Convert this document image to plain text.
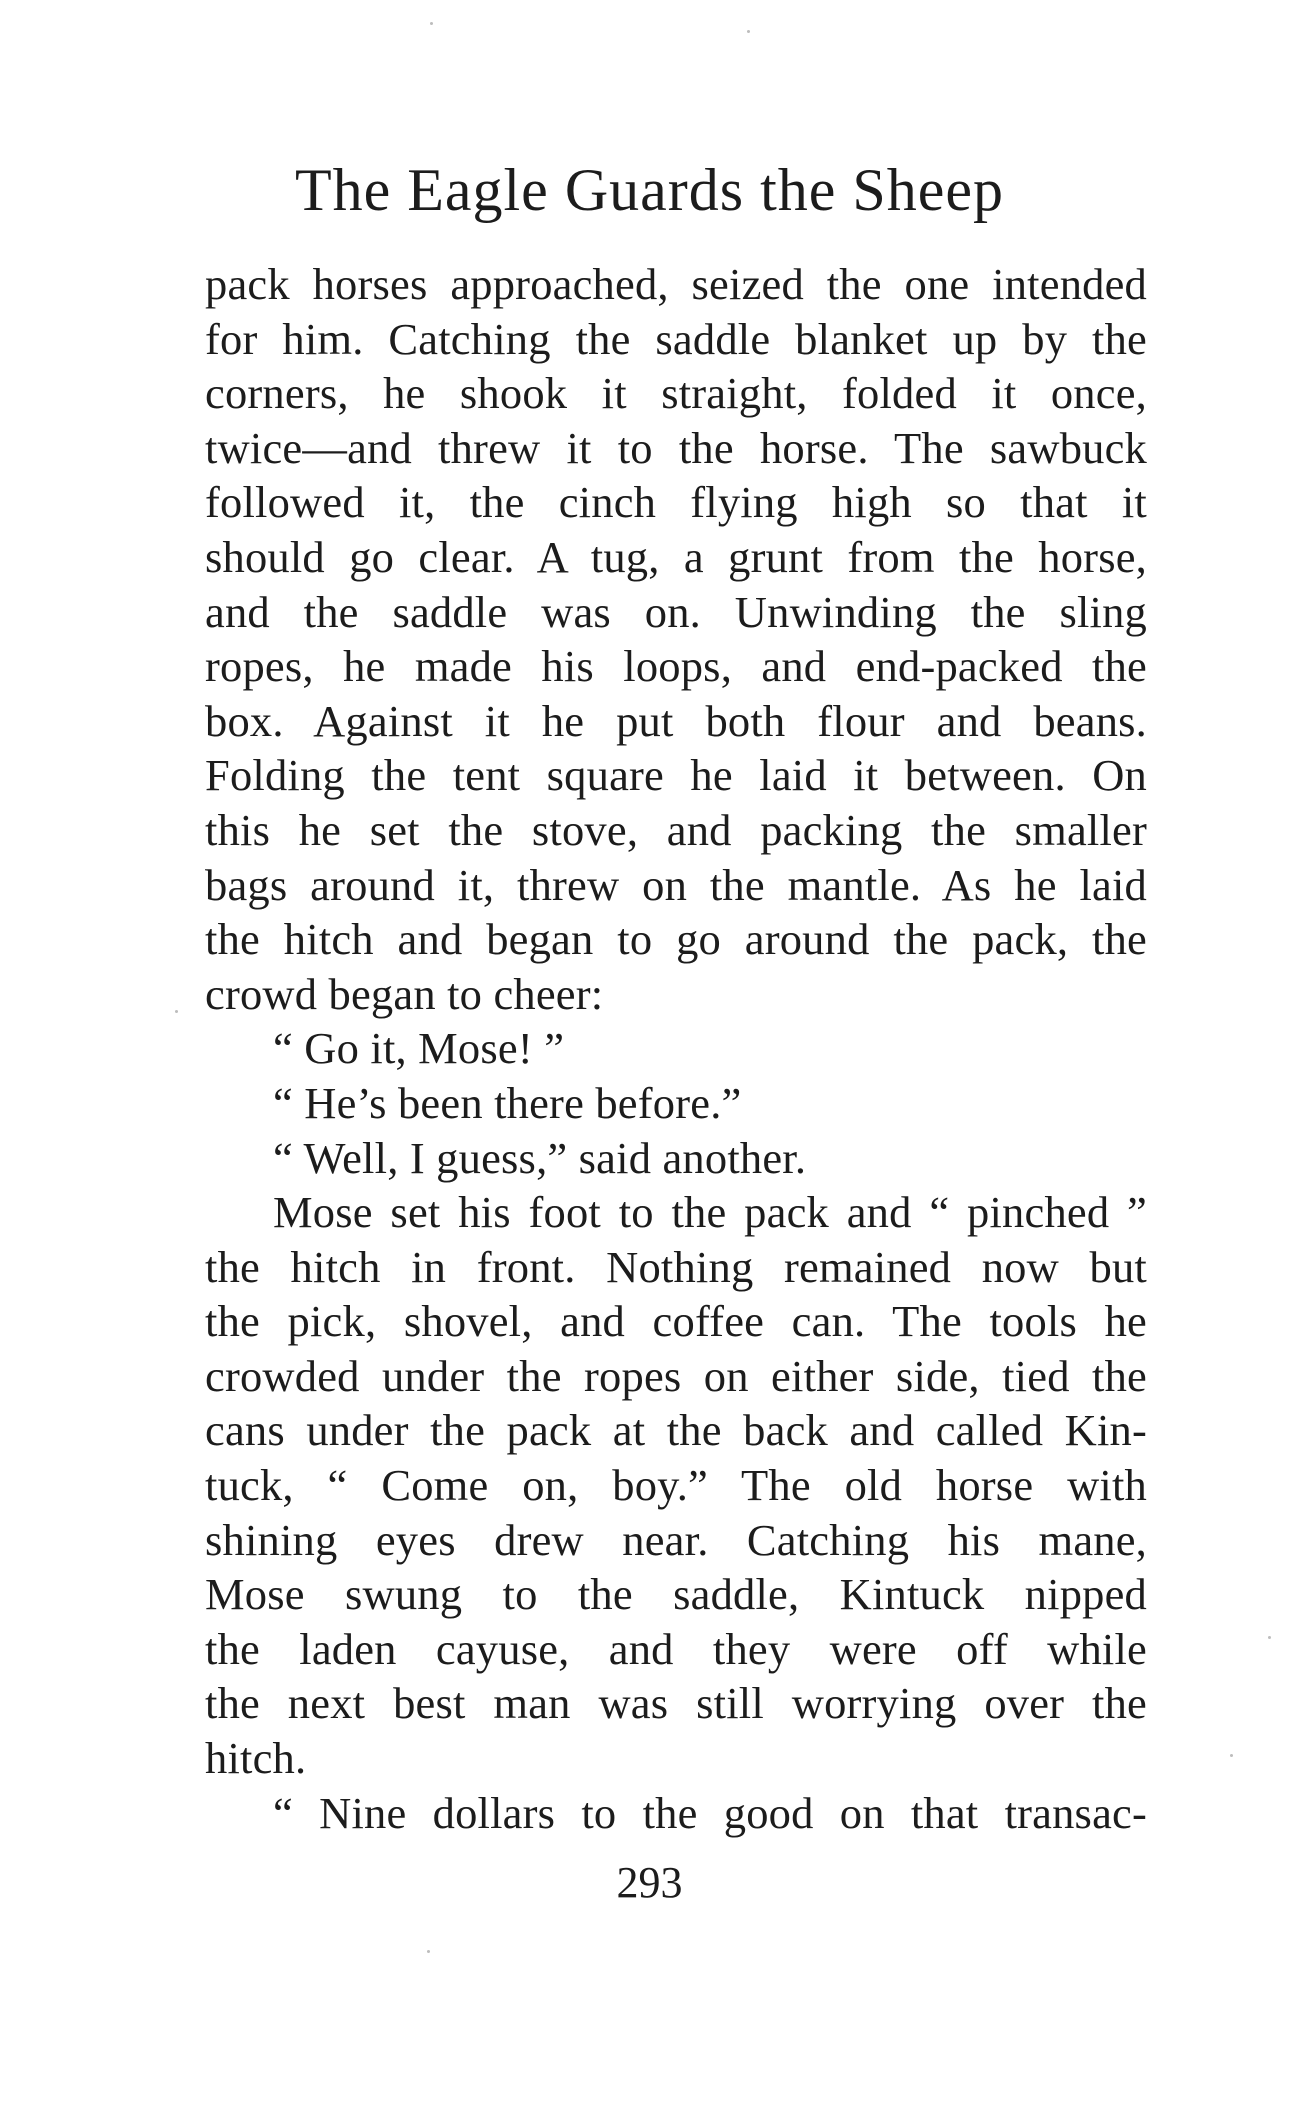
The Eagle Guards the Sheep
pack horses approached, seized the one intended
for him. Catching the saddle blanket up by the
corners, he shook it straight, folded it once,
twice—and threw it to the horse. The sawbuck
followed it, the cinch flying high so that it
should go clear. A tug, a grunt from the horse,
and the saddle was on. Unwinding the sling
ropes, he made his loops, and end-packed the
box. Against it he put both flour and beans.
Folding the tent square he laid it between. On
this he set the stove, and packing the smaller
bags around it, threw on the mantle. As he laid
the hitch and began to go around the pack, the
crowd began to cheer:
“ Go it, Mose! ”
“ He’s been there before.”
“ Well, I guess,” said another.
Mose set his foot to the pack and “ pinched ”
the hitch in front. Nothing remained now but
the pick, shovel, and coffee can. The tools he
crowded under the ropes on either side, tied the
cans under the pack at the back and called Kin-
tuck, “ Come on, boy.” The old horse with
shining eyes drew near. Catching his mane,
Mose swung to the saddle, Kintuck nipped
the laden cayuse, and they were off while
the next best man was still worrying over the
hitch.
“ Nine dollars to the good on that transac-
293
